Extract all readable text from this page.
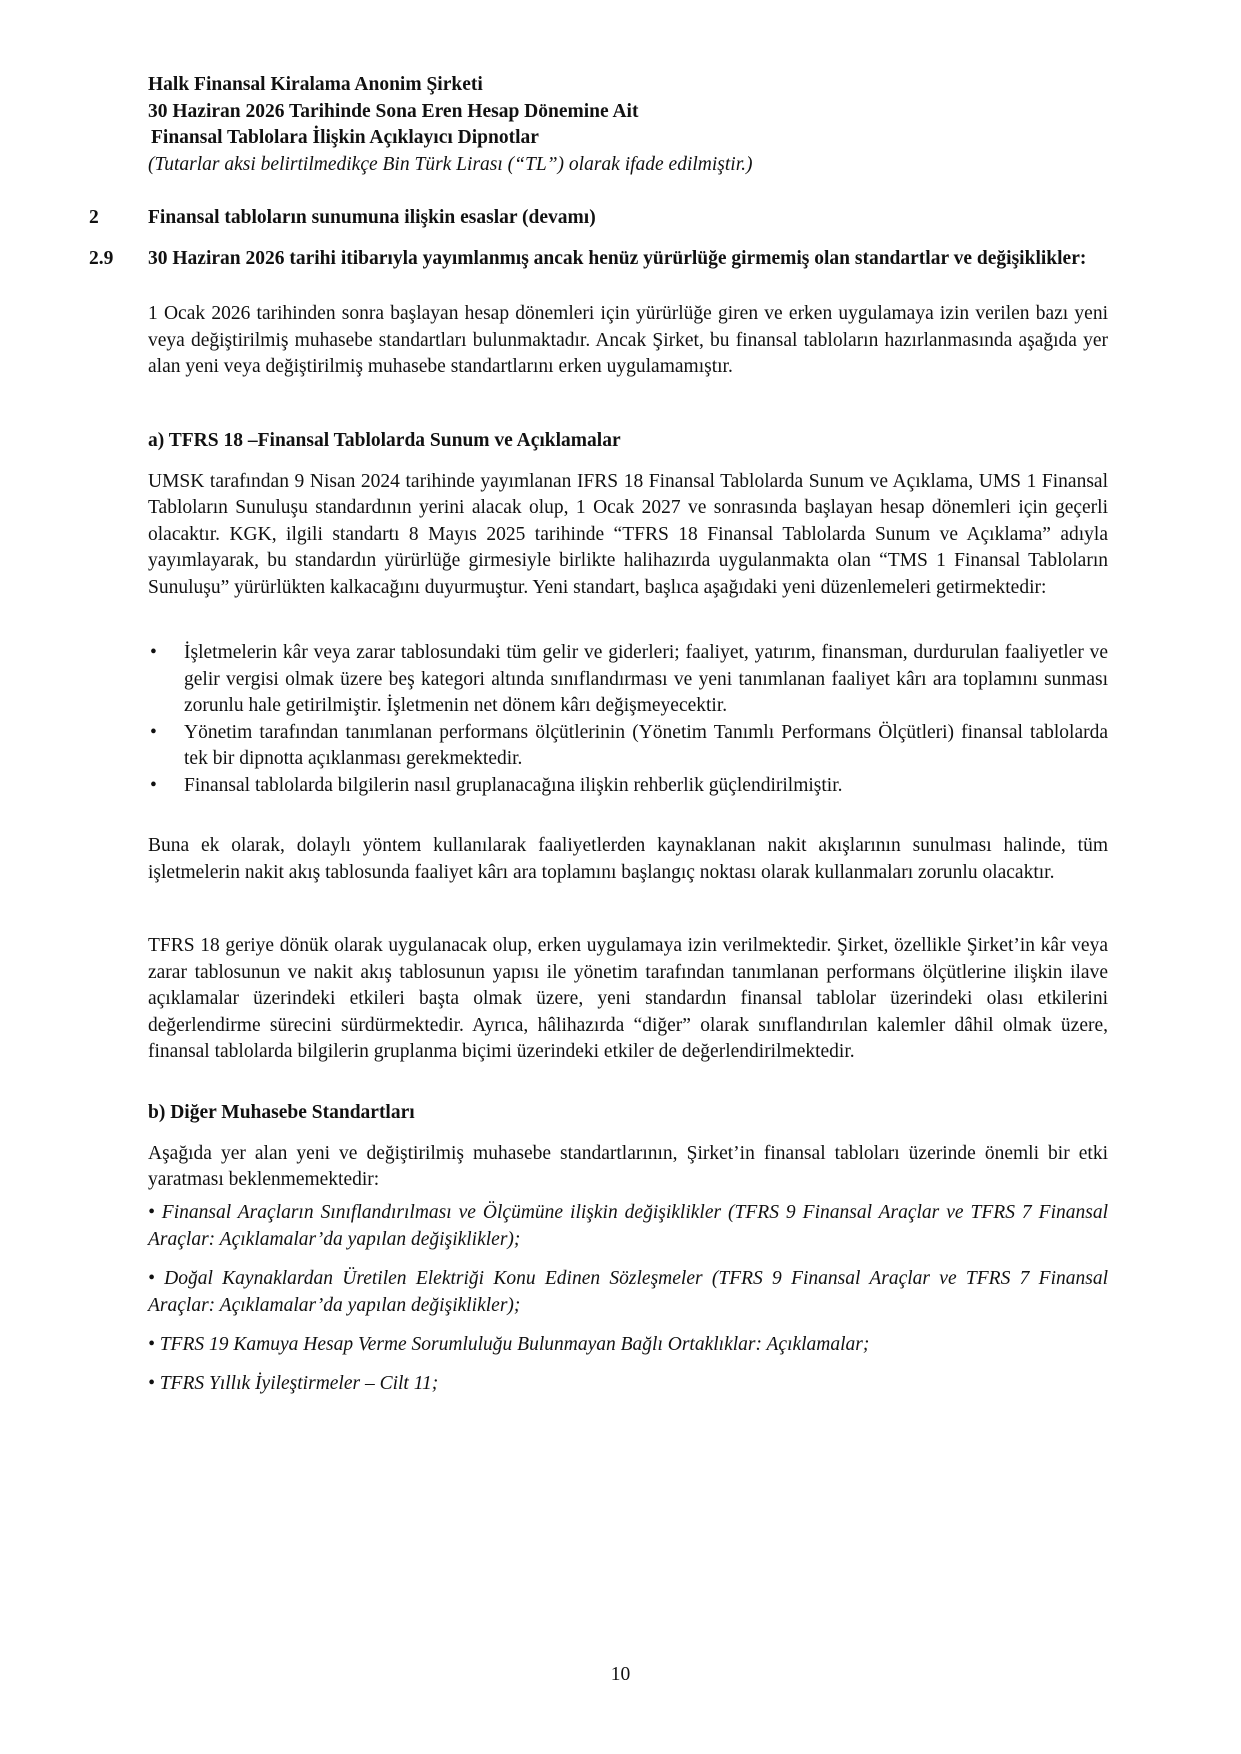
Halk Finansal Kiralama Anonim Şirketi
30 Haziran 2026 Tarihinde Sona Eren Hesap Dönemine Ait
Finansal Tablolara İlişkin Açıklayıcı Dipnotlar
(Tutarlar aksi belirtilmedikçe Bin Türk Lirası (“TL”) olarak ifade edilmiştir.)
2	Finansal tabloların sunumuna ilişkin esaslar (devamı)
2.9 30 Haziran 2026 tarihi itibarıyla yayımlanmış ancak henüz yürürlüğe girmemiş olan standartlar ve değişiklikler:

1 Ocak 2026 tarihinden sonra başlayan hesap dönemleri için yürürlüğe giren ve erken uygulamaya izin verilen bazı yeni veya değiştirilmiş muhasebe standartları bulunmaktadır. Ancak Şirket, bu finansal tabloların hazırlanmasında aşağıda yer alan yeni veya değiştirilmiş muhasebe standartlarını erken uygulamamıştır.

a) TFRS 18 –Finansal Tablolarda Sunum ve Açıklamalar

UMSK tarafından 9 Nisan 2024 tarihinde yayımlanan IFRS 18 Finansal Tablolarda Sunum ve Açıklama, UMS 1 Finansal Tabloların Sunuluşu standardının yerini alacak olup, 1 Ocak 2027 ve sonrasında başlayan hesap dönemleri için geçerli olacaktır. KGK, ilgili standartı 8 Mayıs 2025 tarihinde “TFRS 18 Finansal Tablolarda Sunum ve Açıklama” adıyla yayımlayarak, bu standardın yürürlüğe girmesiyle birlikte halihazırda uygulanmakta olan “TMS 1 Finansal Tabloların Sunuluşu” yürürlükten kalkacağını duyurmuştur. Yeni standart, başlıca aşağıdaki yeni düzenlemeleri getirmektedir:

• İşletmelerin kâr veya zarar tablosundaki tüm gelir ve giderleri; faaliyet, yatırım, finansman, durdurulan faaliyetler ve gelir vergisi olmak üzere beş kategori altında sınıflandırması ve yeni tanımlanan faaliyet kârı ara toplamını sunması zorunlu hale getirilmiştir. İşletmenin net dönem kârı değişmeyecektir.
• Yönetim tarafından tanımlanan performans ölçütlerinin (Yönetim Tanımlı Performans Ölçütleri) finansal tablolarda tek bir dipnotta açıklanması gerekmektedir.
• Finansal tablolarda bilgilerin nasıl gruplanacağına ilişkin rehberlik güçlendirilmiştir.

Buna ek olarak, dolaylı yöntem kullanılarak faaliyetlerden kaynaklanan nakit akışlarının sunulması halinde, tüm işletmelerin nakit akış tablosunda faaliyet kârı ara toplamını başlangıç noktası olarak kullanmaları zorunlu olacaktır.

TFRS 18 geriye dönük olarak uygulanacak olup, erken uygulamaya izin verilmektedir. Şirket, özellikle Şirket’in kâr veya zarar tablosunun ve nakit akış tablosunun yapısı ile yönetim tarafından tanımlanan performans ölçütlerine ilişkin ilave açıklamalar üzerindeki etkileri başta olmak üzere, yeni standardın finansal tablolar üzerindeki olası etkilerini değerlendirme sürecini sürdürmektedir. Ayrıca, hâlihazırda “diğer” olarak sınıflandırılan kalemler dâhil olmak üzere, finansal tablolarda bilgilerin gruplanma biçimi üzerindeki etkiler de değerlendirilmektedir.

b) Diğer Muhasebe Standartları

Aşağıda yer alan yeni ve değiştirilmiş muhasebe standartlarının, Şirket’in finansal tabloları üzerinde önemli bir etki yaratması beklenmemektedir:

• Finansal Araçların Sınıflandırılması ve Ölçümüne ilişkin değişiklikler (TFRS 9 Finansal Araçlar ve TFRS 7 Finansal Araçlar: Açıklamalar’da yapılan değişiklikler);

• Doğal Kaynaklardan Üretilen Elektriği Konu Edinen Sözleşmeler (TFRS 9 Finansal Araçlar ve TFRS 7 Finansal Araçlar: Açıklamalar’da yapılan değişiklikler);

• TFRS 19 Kamuya Hesap Verme Sorumluluğu Bulunmayan Bağlı Ortaklıklar: Açıklamalar;

• TFRS Yıllık İyileştirmeler – Cilt 11;

10
